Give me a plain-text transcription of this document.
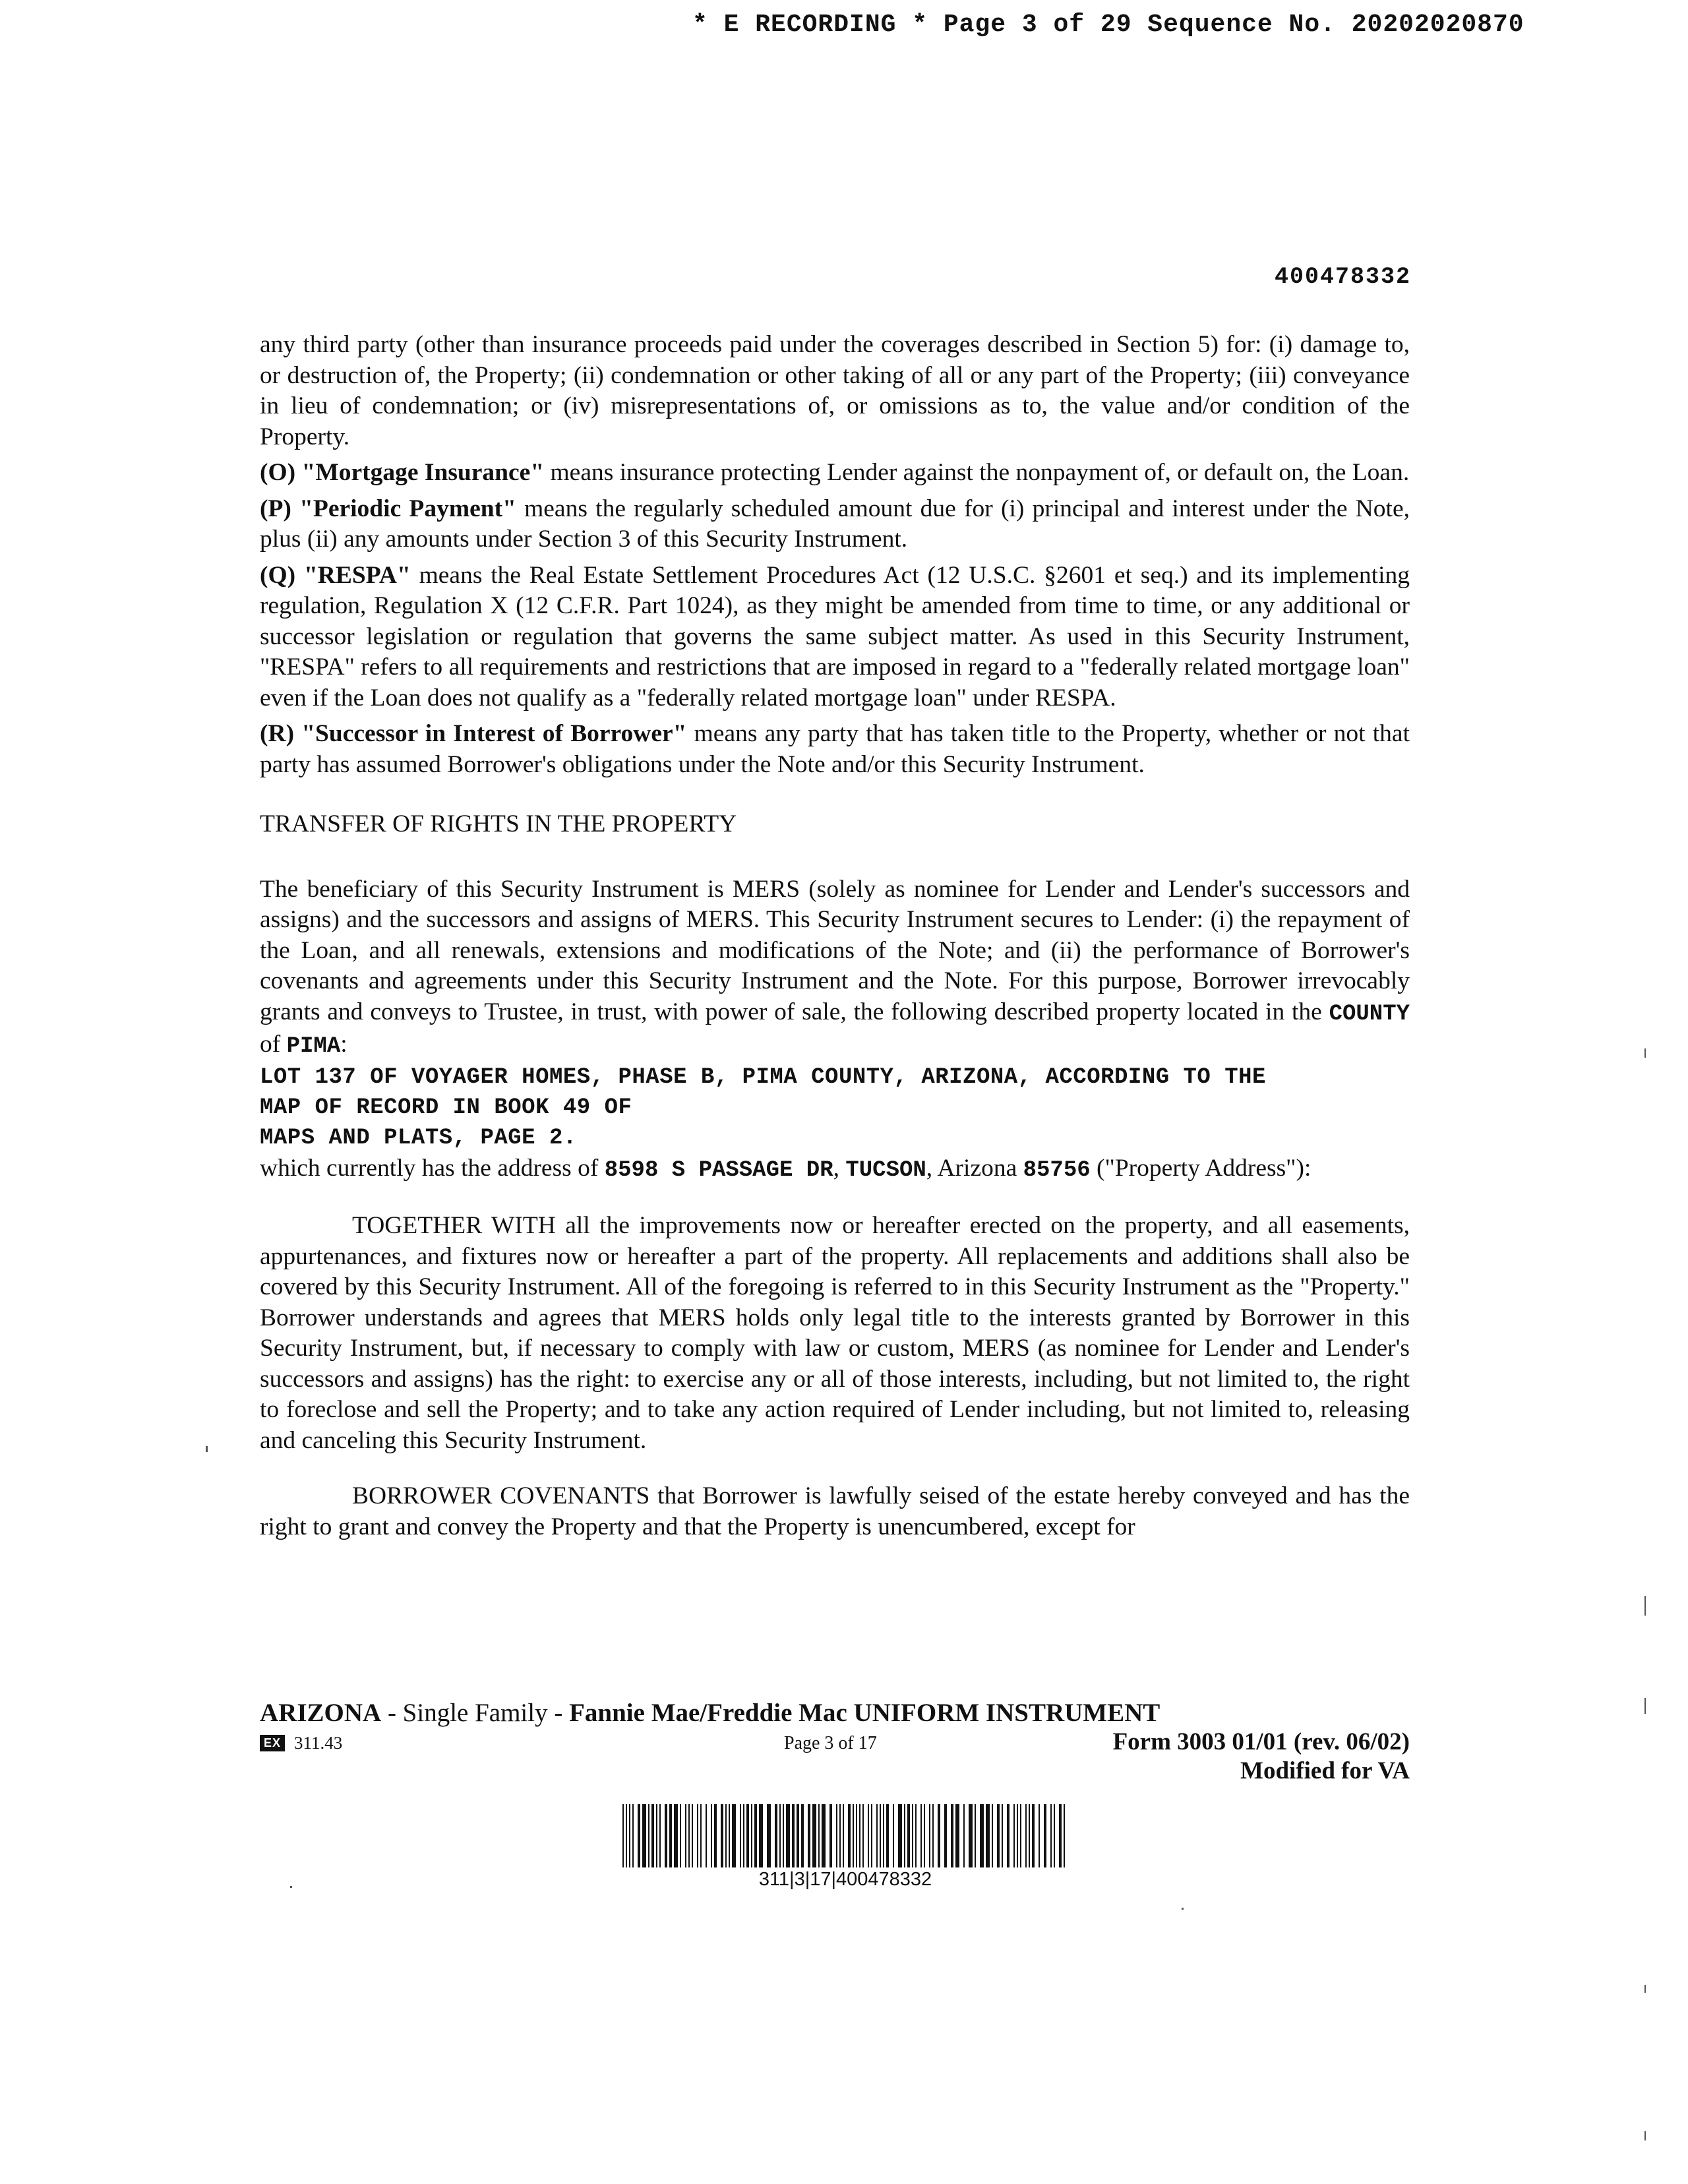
* E RECORDING * Page 3 of 29 Sequence No. 20202020870
400478332

any third party (other than insurance proceeds paid under the coverages described in Section 5) for: (i) damage to, or destruction of, the Property; (ii) condemnation or other taking of all or any part of the Property; (iii) conveyance in lieu of condemnation; or (iv) misrepresentations of, or omissions as to, the value and/or condition of the Property.

(O) "Mortgage Insurance" means insurance protecting Lender against the nonpayment of, or default on, the Loan.

(P) "Periodic Payment" means the regularly scheduled amount due for (i) principal and interest under the Note, plus (ii) any amounts under Section 3 of this Security Instrument.

(Q) "RESPA" means the Real Estate Settlement Procedures Act (12 U.S.C. §2601 et seq.) and its implementing regulation, Regulation X (12 C.F.R. Part 1024), as they might be amended from time to time, or any additional or successor legislation or regulation that governs the same subject matter. As used in this Security Instrument, "RESPA" refers to all requirements and restrictions that are imposed in regard to a "federally related mortgage loan" even if the Loan does not qualify as a "federally related mortgage loan" under RESPA.

(R) "Successor in Interest of Borrower" means any party that has taken title to the Property, whether or not that party has assumed Borrower's obligations under the Note and/or this Security Instrument.

TRANSFER OF RIGHTS IN THE PROPERTY

The beneficiary of this Security Instrument is MERS (solely as nominee for Lender and Lender's successors and assigns) and the successors and assigns of MERS. This Security Instrument secures to Lender: (i) the repayment of the Loan, and all renewals, extensions and modifications of the Note; and (ii) the performance of Borrower's covenants and agreements under this Security Instrument and the Note. For this purpose, Borrower irrevocably grants and conveys to Trustee, in trust, with power of sale, the following described property located in the COUNTY of PIMA:

LOT 137 OF VOYAGER HOMES, PHASE B, PIMA COUNTY, ARIZONA, ACCORDING TO THE
MAP OF RECORD IN BOOK 49 OF
MAPS AND PLATS, PAGE 2.

which currently has the address of 8598 S PASSAGE DR, TUCSON, Arizona 85756 ("Property Address"):

TOGETHER WITH all the improvements now or hereafter erected on the property, and all easements, appurtenances, and fixtures now or hereafter a part of the property. All replacements and additions shall also be covered by this Security Instrument. All of the foregoing is referred to in this Security Instrument as the "Property." Borrower understands and agrees that MERS holds only legal title to the interests granted by Borrower in this Security Instrument, but, if necessary to comply with law or custom, MERS (as nominee for Lender and Lender's successors and assigns) has the right: to exercise any or all of those interests, including, but not limited to, the right to foreclose and sell the Property; and to take any action required of Lender including, but not limited to, releasing and canceling this Security Instrument.

BORROWER COVENANTS that Borrower is lawfully seised of the estate hereby conveyed and has the right to grant and convey the Property and that the Property is unencumbered, except for

ARIZONA - Single Family - Fannie Mae/Freddie Mac UNIFORM INSTRUMENT
EX 311.43	Page 3 of 17	Form 3003 01/01 (rev. 06/02)
Modified for VA
311|3|17|400478332
